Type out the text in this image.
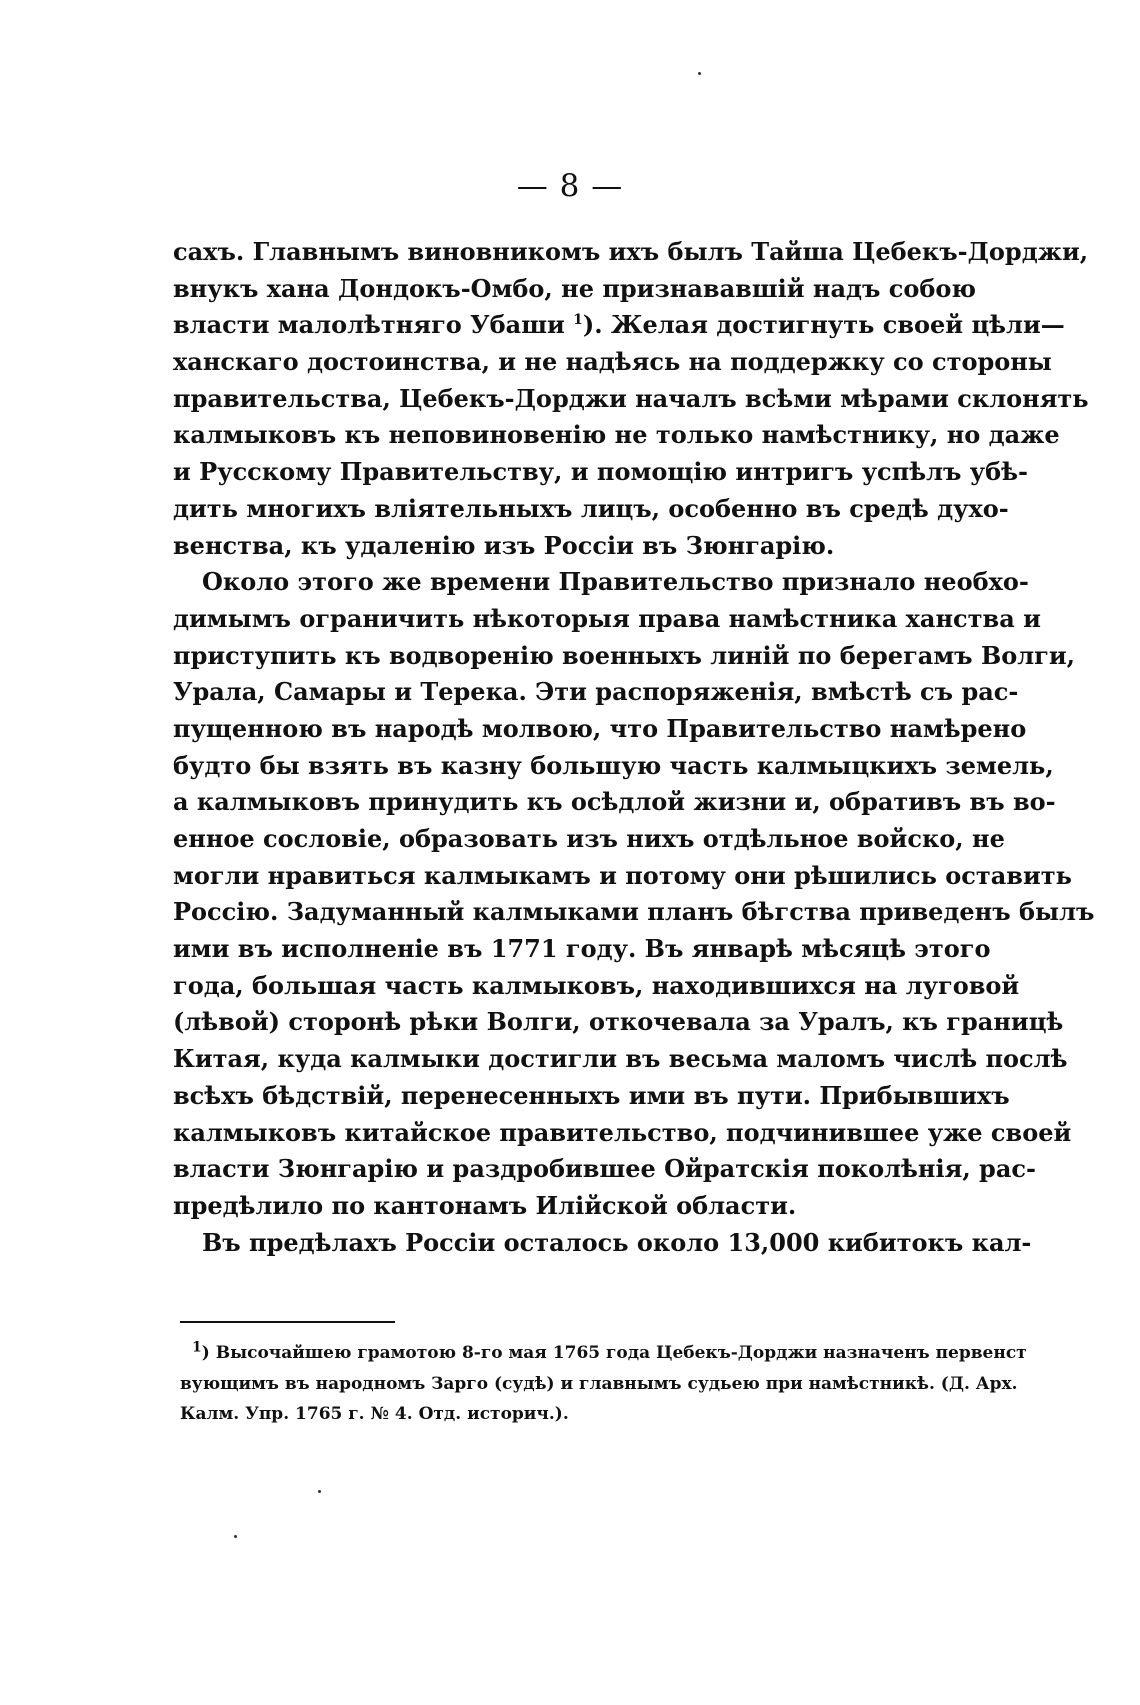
— 8 —
сахъ. Главнымъ виновникомъ ихъ былъ Тайша Цебекъ-Дорджи,
внукъ хана Дондокъ-Омбо, не признававшій надъ собою
власти малолѣтняго Убаши $^1$). Желая достигнуть своей цѣли—
ханскаго достоинства, и не надѣясь на поддержку со стороны
правительства, Цебекъ-Дорджи началъ всѣми мѣрами склонять
калмыковъ къ неповиновенію не только намѣстнику, но даже
и Русскому Правительству, и помощію интригъ успѣлъ убѣ-
дить многихъ вліятельныхъ лицъ, особенно въ средѣ духо-
венства, къ удаленію изъ Россіи въ Зюнгарію.
Около этого же времени Правительство признало необхо-
димымъ ограничить нѣкоторыя права намѣстника ханства и
приступить къ водворенію военныхъ линій по берегамъ Волги,
Урала, Самары и Терека. Эти распоряженія, вмѣстѣ съ рас-
пущенною въ народѣ молвою, что Правительство намѣрено
будто бы взять въ казну большую часть калмыцкихъ земель,
а калмыковъ принудить къ осѣдлой жизни и, обративъ въ во-
енное сословіе, образовать изъ нихъ отдѣльное войско, не
могли нравиться калмыкамъ и потому они рѣшились оставить
Россію. Задуманный калмыками планъ бѣгства приведенъ былъ
ими въ исполненіе въ 1771 году. Въ январѣ мѣсяцѣ этого
года, большая часть калмыковъ, находившихся на луговой
(лѣвой) сторонѣ рѣки Волги, откочевала за Уралъ, къ границѣ
Китая, куда калмыки достигли въ весьма маломъ числѣ послѣ
всѣхъ бѣдствій, перенесенныхъ ими въ пути. Прибывшихъ
калмыковъ китайское правительство, подчинившее уже своей
власти Зюнгарію и раздробившее Ойратскія поколѣнія, рас-
предѣлило по кантонамъ Илійской области.
Въ предѣлахъ Россіи осталось около 13,000 кибитокъ кал-
$^1$) Высочайшею грамотою 8-го мая 1765 года Цебекъ-Дорджи назначенъ первенст
вующимъ въ народномъ Зарго (судѣ) и главнымъ судьею при намѣстникѣ. (Д. Арх.
Калм. Упр. 1765 г. № 4. Отд. историч.).
